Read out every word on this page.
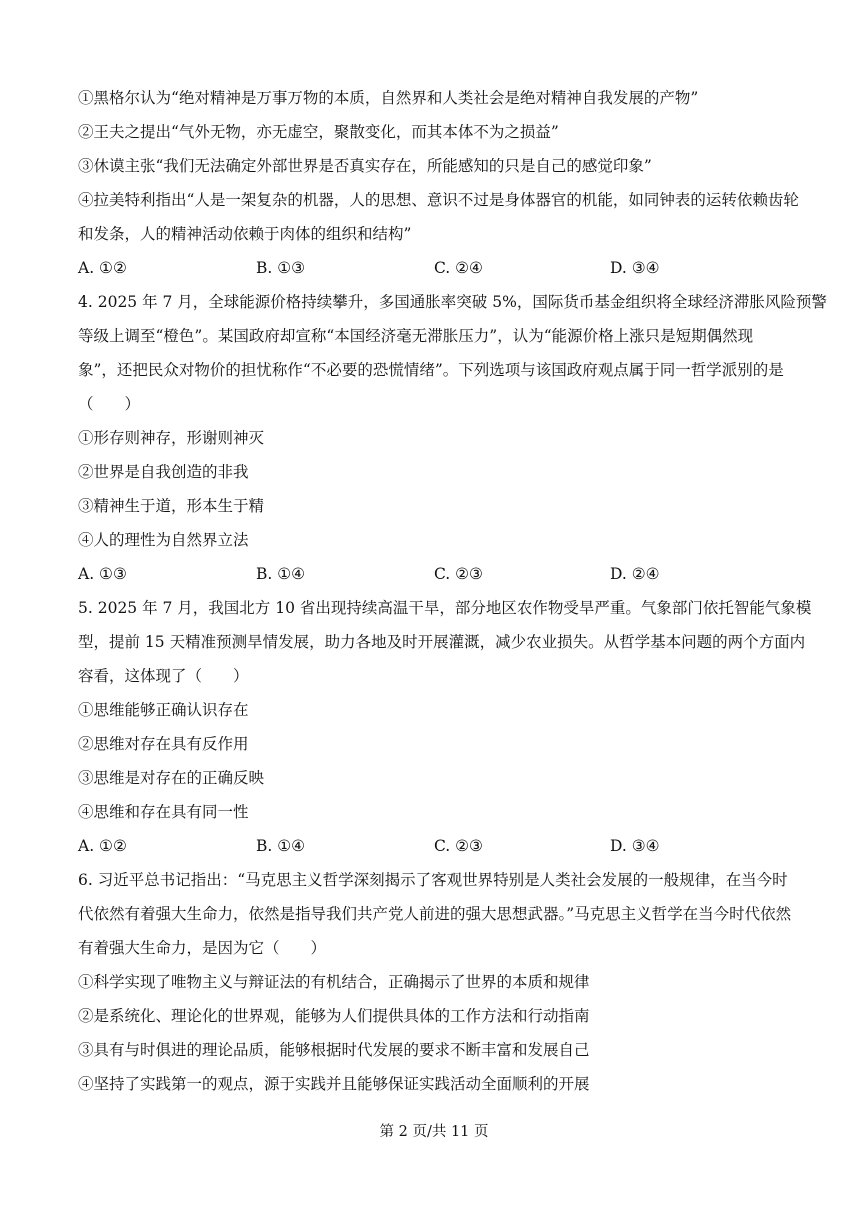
①黑格尔认为“绝对精神是万事万物的本质，自然界和人类社会是绝对精神自我发展的产物”
②王夫之提出“气外无物，亦无虚空，聚散变化，而其本体不为之损益”
③休谟主张“我们无法确定外部世界是否真实存在，所能感知的只是自己的感觉印象”
④拉美特利指出“人是一架复杂的机器，人的思想、意识不过是身体器官的机能，如同钟表的运转依赖齿轮
和发条，人的精神活动依赖于肉体的组织和结构”
A. ①②	B. ①③	C. ②④	D. ③④
4. 2025 年 7 月，全球能源价格持续攀升，多国通胀率突破 5%，国际货币基金组织将全球经济滞胀风险预警
等级上调至“橙色”。某国政府却宣称“本国经济毫无滞胀压力”，认为“能源价格上涨只是短期偶然现
象”，还把民众对物价的担忧称作“不必要的恐慌情绪”。下列选项与该国政府观点属于同一哲学派别的是
（　　）
①形存则神存，形谢则神灭
②世界是自我创造的非我
③精神生于道，形本生于精
④人的理性为自然界立法
A. ①③	B. ①④	C. ②③	D. ②④
5. 2025 年 7 月，我国北方 10 省出现持续高温干旱，部分地区农作物受旱严重。气象部门依托智能气象模
型，提前 15 天精准预测旱情发展，助力各地及时开展灌溉，减少农业损失。从哲学基本问题的两个方面内
容看，这体现了（　　）
①思维能够正确认识存在
②思维对存在具有反作用
③思维是对存在的正确反映
④思维和存在具有同一性
A. ①②	B. ①④	C. ②③	D. ③④
6. 习近平总书记指出：“马克思主义哲学深刻揭示了客观世界特别是人类社会发展的一般规律，在当今时
代依然有着强大生命力，依然是指导我们共产党人前进的强大思想武器。”马克思主义哲学在当今时代依然
有着强大生命力，是因为它（　　）
①科学实现了唯物主义与辩证法的有机结合，正确揭示了世界的本质和规律
②是系统化、理论化的世界观，能够为人们提供具体的工作方法和行动指南
③具有与时俱进的理论品质，能够根据时代发展的要求不断丰富和发展自己
④坚持了实践第一的观点，源于实践并且能够保证实践活动全面顺利的开展
第 2 页/共 11 页
